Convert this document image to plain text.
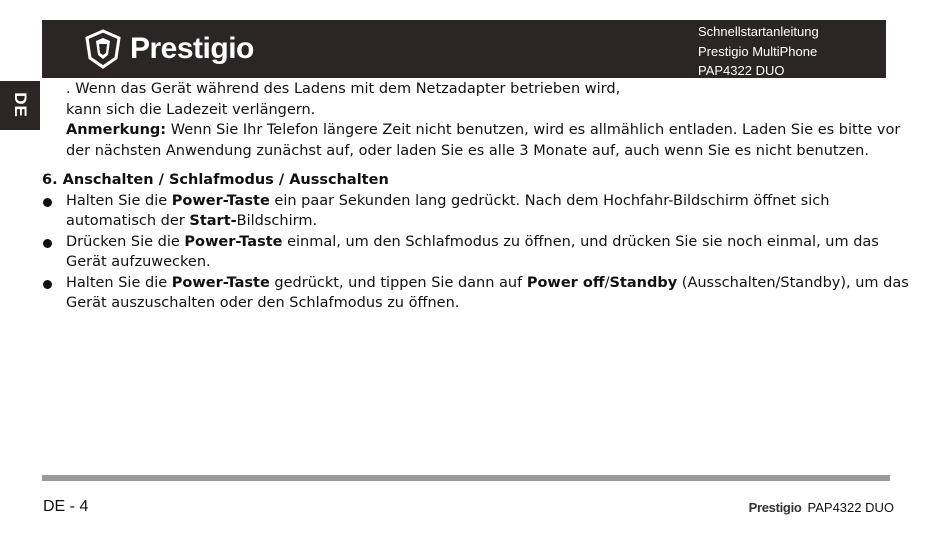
Prestigio
Schnellstartanleitung
Prestigio MultiPhone
PAP4322 DUO
DE

. Wenn das Gerät während des Ladens mit dem Netzadapter betrieben wird,

kann sich die Ladezeit verlängern.

Anmerkung: Wenn Sie Ihr Telefon längere Zeit nicht benutzen, wird es allmählich entladen. Laden Sie es bitte vor der nächsten Anwendung zunächst auf, oder laden Sie es alle 3 Monate auf, auch wenn Sie es nicht benutzen.

6. Anschalten / Schlafmodus / Ausschalten

Halten Sie die Power-Taste ein paar Sekunden lang gedrückt. Nach dem Hochfahr-Bildschirm öffnet sich automatisch der Start-Bildschirm.

Drücken Sie die Power-Taste einmal, um den Schlafmodus zu öffnen, und drücken Sie sie noch einmal, um das Gerät aufzuwecken.

Halten Sie die Power-Taste gedrückt, und tippen Sie dann auf Power off/Standby (Ausschalten/Standby), um das Gerät auszuschalten oder den Schlafmodus zu öffnen.

DE - 4	Prestigio PAP4322 DUO
